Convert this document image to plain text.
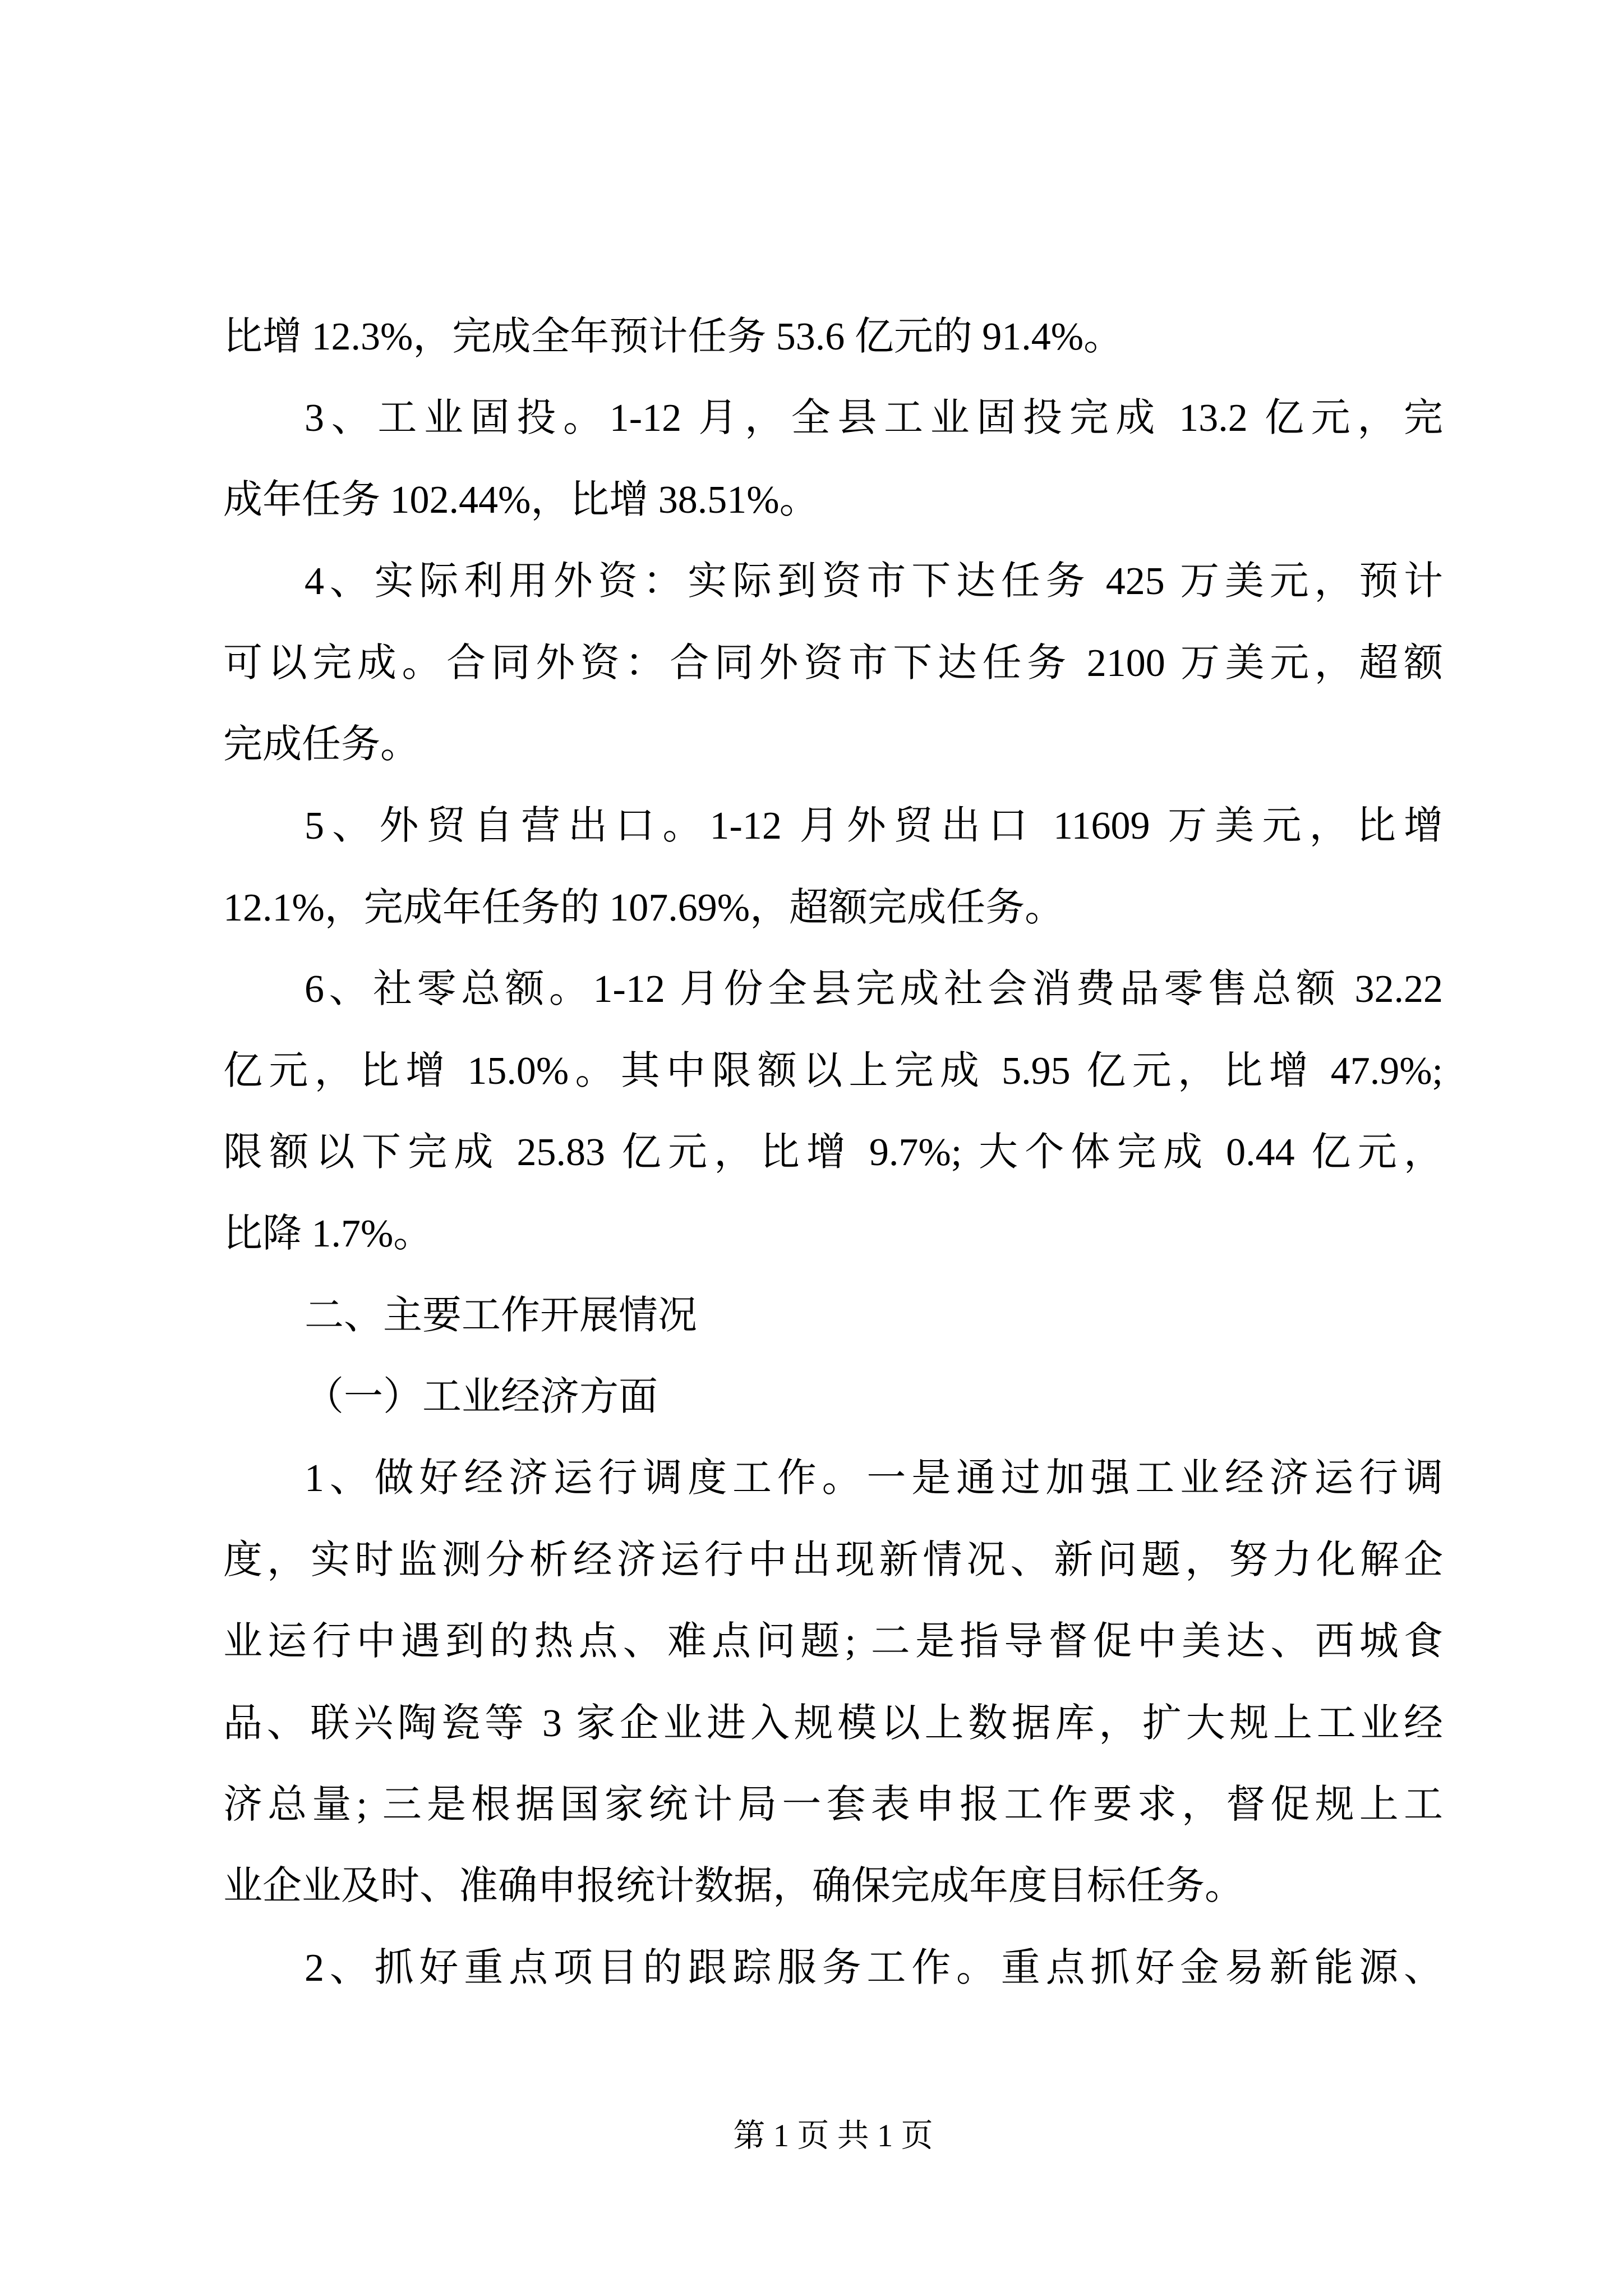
比增 12.3%，完成全年预计任务 53.6 亿元的 91.4%。
3、工业固投。1-12 月，全县工业固投完成 13.2 亿元，完
成年任务 102.44%，比增 38.51%。
4、实际利用外资：实际到资市下达任务 425 万美元，预计
可以完成。合同外资：合同外资市下达任务 2100 万美元，超额
完成任务。
5、外贸自营出口。1-12 月外贸出口 11609 万美元，比增
12.1%，完成年任务的 107.69%，超额完成任务。
6、社零总额。1-12 月份全县完成社会消费品零售总额 32.22
亿元，比增 15.0%。其中限额以上完成 5.95 亿元，比增 47.9%;
限额以下完成 25.83 亿元，比增 9.7%; 大个体完成 0.44 亿元，
比降 1.7%。
二、主要工作开展情况
（一）工业经济方面
1、做好经济运行调度工作。一是通过加强工业经济运行调
度，实时监测分析经济运行中出现新情况、新问题，努力化解企
业运行中遇到的热点、难点问题; 二是指导督促中美达、西城食
品、联兴陶瓷等 3 家企业进入规模以上数据库，扩大规上工业经
济总量; 三是根据国家统计局一套表申报工作要求，督促规上工
业企业及时、准确申报统计数据，确保完成年度目标任务。
2、抓好重点项目的跟踪服务工作。重点抓好金易新能源、
第 1 页 共 1 页
